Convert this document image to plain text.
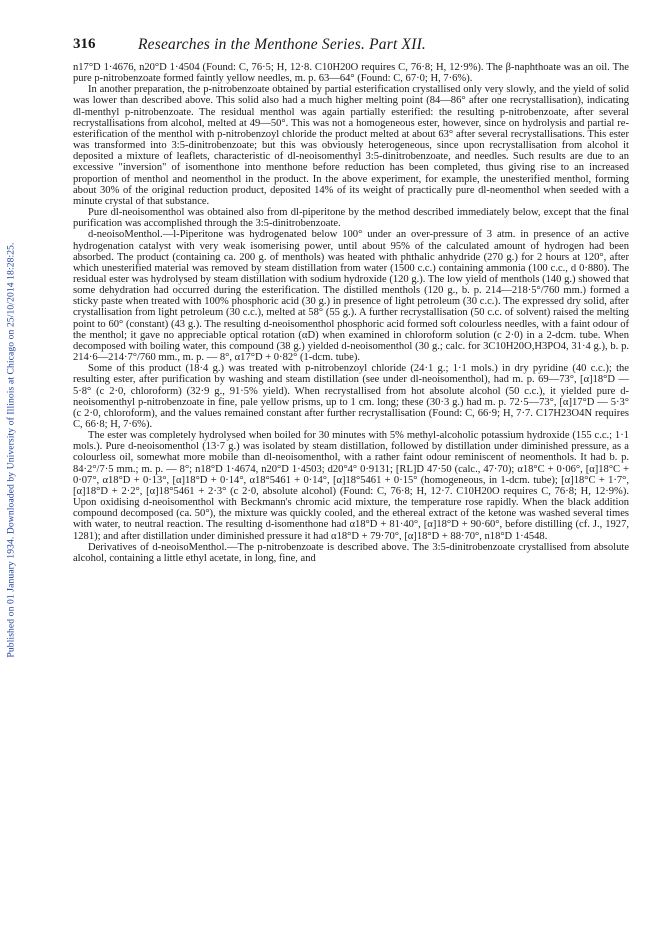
Published on 01 January 1934. Downloaded by University of Illinois at Chicago on 25/10/2014 18:28:25.
316	Researches in the Menthone Series. Part XII.

n17°D 1·4676, n20°D 1·4504 (Found: C, 76·5; H, 12·8. C10H20O requires C, 76·8; H, 12·9%). The β-naphthoate was an oil. The pure p-nitrobenzoate formed faintly yellow needles, m. p. 63—64° (Found: C, 67·0; H, 7·6%).

In another preparation, the p-nitrobenzoate obtained by partial esterification crystallised only very slowly, and the yield of solid was lower than described above. This solid also had a much higher melting point (84—86° after one recrystallisation), indicating dl-menthyl p-nitrobenzoate. The residual menthol was again partially esterified: the resulting p-nitrobenzoate, after several recrystallisations from alcohol, melted at 49—50°. This was not a homogeneous ester, however, since on hydrolysis and partial re-esterification of the menthol with p-nitrobenzoyl chloride the product melted at about 63° after several recrystallisations. This ester was transformed into 3:5-dinitrobenzoate; but this was obviously heterogeneous, since upon recrystallisation from alcohol it deposited a mixture of leaflets, characteristic of dl-neoisomenthyl 3:5-dinitrobenzoate, and needles. Such results are due to an excessive "inversion" of isomenthone into menthone before reduction has been completed, thus giving rise to an increased proportion of menthol and neomenthol in the product. In the above experiment, for example, the unesterified menthol, forming about 30% of the original reduction product, deposited 14% of its weight of practically pure dl-neomenthol when seeded with a minute crystal of that substance.

Pure dl-neoisomenthol was obtained also from dl-piperitone by the method described immediately below, except that the final purification was accomplished through the 3:5-dinitrobenzoate.

d-neoisoMenthol.—l-Piperitone was hydrogenated below 100° under an over-pressure of 3 atm. in presence of an active hydrogenation catalyst with very weak isomerising power, until about 95% of the calculated amount of hydrogen had been absorbed. The product (containing ca. 200 g. of menthols) was heated with phthalic anhydride (270 g.) for 2 hours at 120°, after which unesterified material was removed by steam distillation from water (1500 c.c.) containing ammonia (100 c.c., d 0·880). The residual ester was hydrolysed by steam distillation with sodium hydroxide (120 g.). The low yield of menthols (140 g.) showed that some dehydration had occurred during the esterification. The distilled menthols (120 g., b. p. 214—218·5°/760 mm.) formed a sticky paste when treated with 100% phosphoric acid (30 g.) in presence of light petroleum (30 c.c.). The expressed dry solid, after crystallisation from light petroleum (30 c.c.), melted at 58° (55 g.). A further recrystallisation (50 c.c. of solvent) raised the melting point to 60° (constant) (43 g.). The resulting d-neoisomenthol phosphoric acid formed soft colourless needles, with a faint odour of the menthol; it gave no appreciable optical rotation (αD) when examined in chloroform solution (c 2·0) in a 2-dcm. tube. When decomposed with boiling water, this compound (38 g.) yielded d-neoisomenthol (30 g.; calc. for 3C10H20O,H3PO4, 31·4 g.), b. p. 214·6—214·7°/760 mm., m. p. — 8°, α17°D + 0·82° (1-dcm. tube).

Some of this product (18·4 g.) was treated with p-nitrobenzoyl chloride (24·1 g.; 1·1 mols.) in dry pyridine (40 c.c.); the resulting ester, after purification by washing and steam distillation (see under dl-neoisomenthol), had m. p. 69—73°, [α]18°D — 5·8° (c 2·0, chloroform) (32·9 g., 91·5% yield). When recrystallised from hot absolute alcohol (50 c.c.), it yielded pure d-neoisomenthyl p-nitrobenzoate in fine, pale yellow prisms, up to 1 cm. long; these (30·3 g.) had m. p. 72·5—73°, [α]17°D — 5·3° (c 2·0, chloroform), and the values remained constant after further recrystallisation (Found: C, 66·9; H, 7·7. C17H23O4N requires C, 66·8; H, 7·6%).

The ester was completely hydrolysed when boiled for 30 minutes with 5% methyl-alcoholic potassium hydroxide (155 c.c.; 1·1 mols.). Pure d-neoisomenthol (13·7 g.) was isolated by steam distillation, followed by distillation under diminished pressure, as a colourless oil, somewhat more mobile than dl-neoisomenthol, with a rather faint odour reminiscent of neomenthols. It had b. p. 84·2°/7·5 mm.; m. p. — 8°; n18°D 1·4674, n20°D 1·4503; d20°4° 0·9131; [RL]D 47·50 (calc., 47·70); α18°C + 0·06°, [α]18°C + 0·07°, α18°D + 0·13°, [α]18°D + 0·14°, α18°5461 + 0·14°, [α]18°5461 + 0·15° (homogeneous, in 1-dcm. tube); [α]18°C + 1·7°, [α]18°D + 2·2°, [α]18°5461 + 2·3° (c 2·0, absolute alcohol) (Found: C, 76·8; H, 12·7. C10H20O requires C, 76·8; H, 12·9%). Upon oxidising d-neoisomenthol with Beckmann's chromic acid mixture, the temperature rose rapidly. When the black addition compound decomposed (ca. 50°), the mixture was quickly cooled, and the ethereal extract of the ketone was washed several times with water, to neutral reaction. The resulting d-isomenthone had α18°D + 81·40°, [α]18°D + 90·60°, before distilling (cf. J., 1927, 1281); and after distillation under diminished pressure it had α18°D + 79·70°, [α]18°D + 88·70°, n18°D 1·4548.

Derivatives of d-neoisoMenthol.—The p-nitrobenzoate is described above. The 3:5-dinitrobenzoate crystallised from absolute alcohol, containing a little ethyl acetate, in long, fine, and
